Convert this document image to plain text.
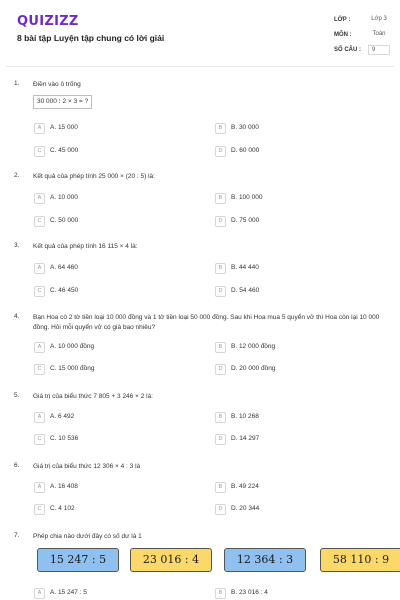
QUIZIZZ
8 bài tập Luyện tập chung có lời giải
LỚP :	Lớp 3
MÔN :	Toán
SỐ CÂU :	9
1. Điền vào ô trống
30 000 ⁝ 2 × 3 = ?
A	A. 15 000	B	B. 30 000
C	C. 45 000	D	D. 60 000
2. Kết quả của phép tính 25 000 × (20 : 5) là:
A	A. 10 000	B	B. 100 000
C	C. 50 000	D	D. 75 000
3. Kết quả của phép tính 16 115 × 4 là:
A	A. 64 460	B	B. 44 440
C	C. 46 450	D	D. 54 460
4. Bạn Hoa có 2 tờ tiền loại 10 000 đồng và 1 tờ tiền loại 50 000 đồng. Sau khi Hoa mua 5 quyển vở thì Hoa còn lại 10 000 đồng. Hỏi mỗi quyển vở có giá bao nhiêu?
A	A. 10 000 đồng	B	B. 12 000 đồng
C	C. 15 000 đồng	D	D. 20 000 đồng
5. Giá trị của biểu thức 7 805 + 3 246 × 2 là:
A	A. 6 492	B	B. 10 268
C	C. 10 536	D	D. 14 297
6. Giá trị của biểu thức 12 306 × 4 : 3 là
A	A. 16 408	B	B. 49 224
C	C. 4 102	D	D. 20 344
7. Phép chia nào dưới đây có số dư là 1
15 247 : 5	23 016 : 4	12 364 : 3	58 110 : 9
A	A. 15 247 : 5	B	B. 23 016 : 4
